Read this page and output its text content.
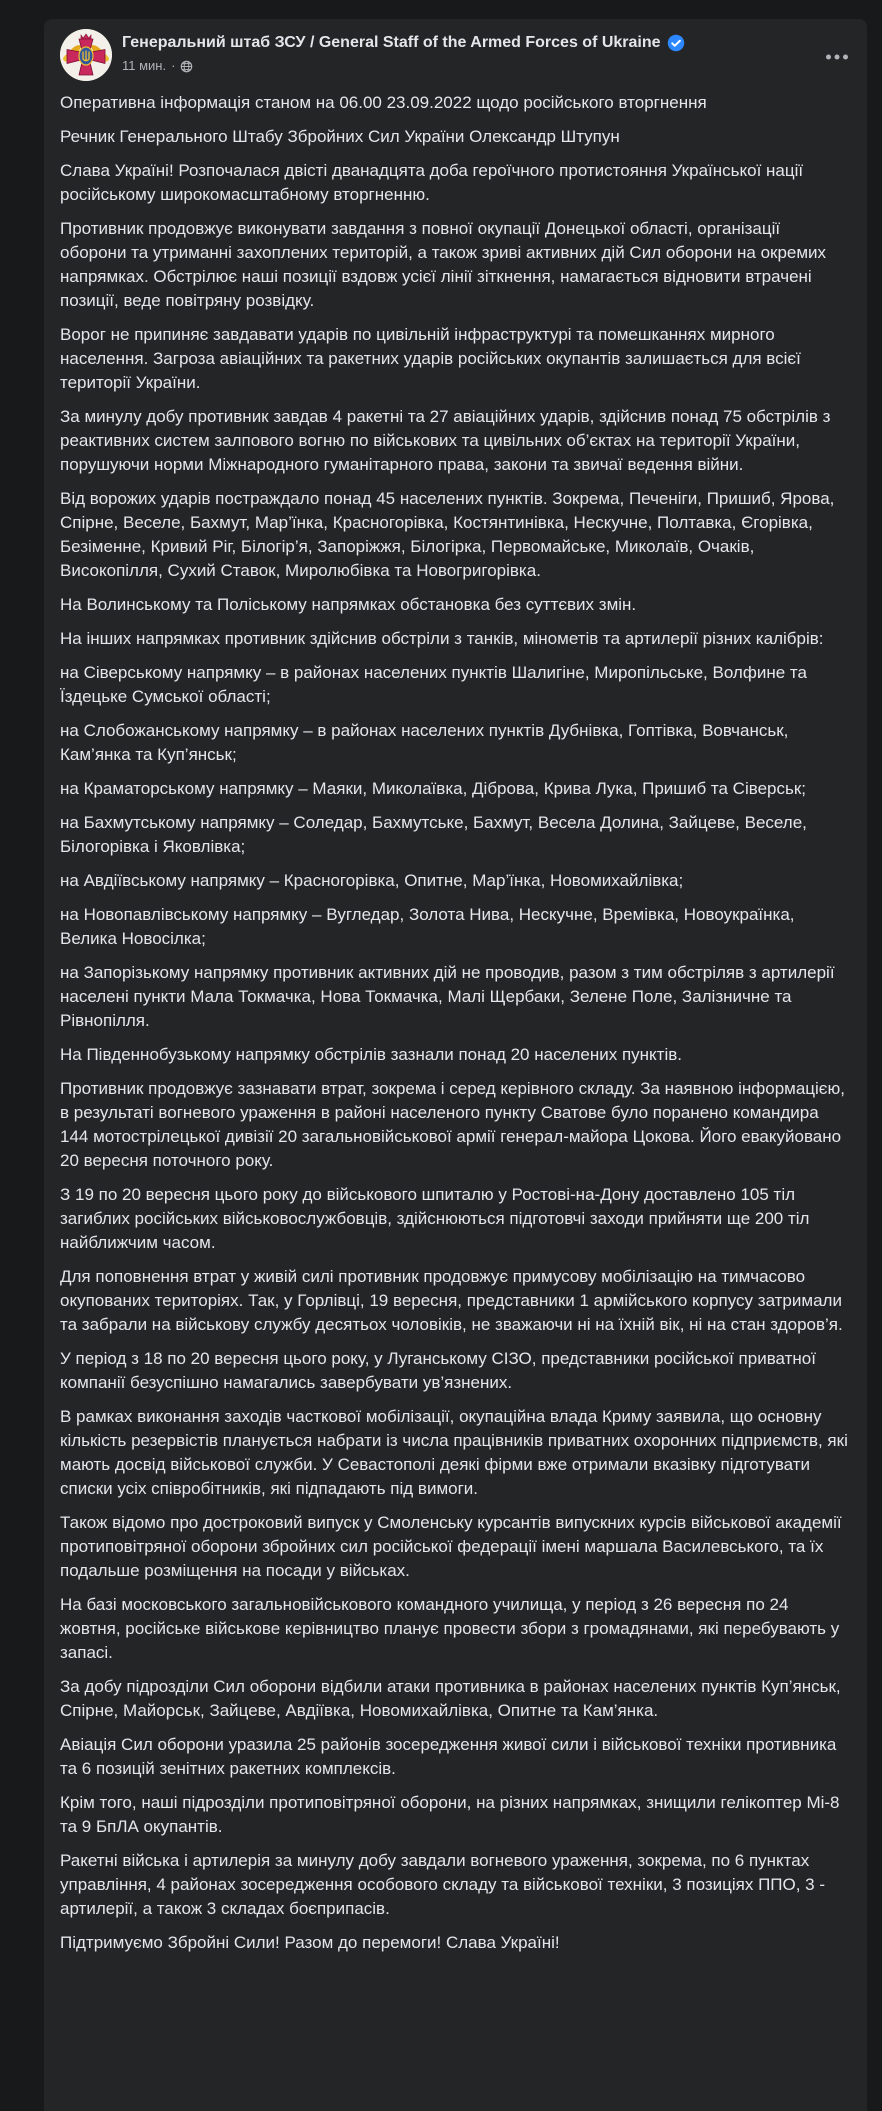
Генеральний штаб ЗСУ / General Staff of the Armed Forces of Ukraine
11 мин. ·

Оперативна інформація станом на 06.00 23.09.2022 щодо російського вторгнення

Речник Генерального Штабу Збройних Сил України Олександр Штупун

Слава Україні! Розпочалася двісті дванадцята доба героїчного протистояння Української нації російському широкомасштабному вторгненню.

Противник продовжує виконувати завдання з повної окупації Донецької області, організації оборони та утриманні захоплених територій, а також зриві активних дій Сил оборони на окремих напрямках. Обстрілює наші позиції вздовж усієї лінії зіткнення, намагається відновити втрачені позиції, веде повітряну розвідку.

Ворог не припиняє завдавати ударів по цивільній інфраструктурі та помешканнях мирного населення. Загроза авіаційних та ракетних ударів російських окупантів залишається для всієї території України.

За минулу добу противник завдав 4 ракетні та 27 авіаційних ударів, здійснив понад 75 обстрілів з реактивних систем залпового вогню по військових та цивільних об’єктах на території України, порушуючи норми Міжнародного гуманітарного права, закони та звичаї ведення війни.

Від ворожих ударів постраждало понад 45 населених пунктів. Зокрема, Печеніги, Пришиб, Ярова, Спірне, Веселе, Бахмут, Мар’їнка, Красногорівка, Костянтинівка, Нескучне, Полтавка, Єгорівка, Безіменне, Кривий Ріг, Білогір’я, Запоріжжя, Білогірка, Первомайське, Миколаїв, Очаків, Високопілля, Сухий Ставок, Миролюбівка та Новогригорівка.

На Волинському та Поліському напрямках обстановка без суттєвих змін.

На інших напрямках противник здійснив обстріли з танків, мінометів та артилерії різних калібрів:

на Сіверському напрямку – в районах населених пунктів Шалигіне, Миропільське, Волфине та Їздецьке Сумської області;

на Слобожанському напрямку – в районах населених пунктів Дубнівка, Гоптівка, Вовчанськ, Кам’янка та Куп’янськ;

на Краматорському напрямку – Маяки, Миколаївка, Діброва, Крива Лука, Пришиб та Сіверськ;

на Бахмутському напрямку – Соледар, Бахмутське, Бахмут, Весела Долина, Зайцеве, Веселе, Білогорівка і Яковлівка;

на Авдіївському напрямку – Красногорівка, Опитне, Мар’їнка, Новомихайлівка;

на Новопавлівському напрямку – Вугледар, Золота Нива, Нескучне, Времівка, Новоукраїнка, Велика Новосілка;

на Запорізькому напрямку противник активних дій не проводив, разом з тим обстріляв з артилерії населені пункти Мала Токмачка, Нова Токмачка, Малі Щербаки, Зелене Поле, Залізничне та Рівнопілля.

На Південнобузькому напрямку обстрілів зазнали понад 20 населених пунктів.

Противник продовжує зазнавати втрат, зокрема і серед керівного складу. За наявною інформацією, в результаті вогневого ураження в районі населеного пункту Сватове було поранено командира 144 мотострілецької дивізії 20 загальновійськової армії генерал-майора Цокова. Його евакуйовано 20 вересня поточного року.

З 19 по 20 вересня цього року до військового шпиталю у Ростові-на-Дону доставлено 105 тіл загиблих російських військовослужбовців, здійснюються підготовчі заходи прийняти ще 200 тіл найближчим часом.

Для поповнення втрат у живій силі противник продовжує примусову мобілізацію на тимчасово окупованих територіях. Так, у Горлівці, 19 вересня, представники 1 армійського корпусу затримали та забрали на військову службу десятьох чоловіків, не зважаючи ні на їхній вік, ні на стан здоров’я.

У період з 18 по 20 вересня цього року, у Луганському СІЗО, представники російської приватної компанії безуспішно намагались завербувати ув’язнених.

В рамках виконання заходів часткової мобілізації, окупаційна влада Криму заявила, що основну кількість резервістів планується набрати із числа працівників приватних охоронних підприємств, які мають досвід військової служби. У Севастополі деякі фірми вже отримали вказівку підготувати списки усіх співробітників, які підпадають під вимоги.

Також відомо про достроковий випуск у Смоленську курсантів випускних курсів військової академії протиповітряної оборони збройних сил російської федерації імені маршала Василевського, та їх подальше розміщення на посади у військах.

На базі московського загальновійськового командного училища, у період з 26 вересня по 24 жовтня, російське військове керівництво планує провести збори з громадянами, які перебувають у запасі.

За добу підрозділи Сил оборони відбили атаки противника в районах населених пунктів Куп’янськ, Спірне, Майорськ, Зайцеве, Авдіївка, Новомихайлівка, Опитне та Кам’янка.

Авіація Сил оборони уразила 25 районів зосередження живої сили і військової техніки противника та 6 позицій зенітних ракетних комплексів.

Крім того, наші підрозділи протиповітряної оборони, на різних напрямках, знищили гелікоптер Мі-8 та 9 БпЛА окупантів.

Ракетні війська і артилерія за минулу добу завдали вогневого ураження, зокрема, по 6 пунктах управління, 4 районах зосередження особового складу та військової техніки, 3 позиціях ППО, 3 - артилерії, а також 3 складах боєприпасів.

Підтримуємо Збройні Сили! Разом до перемоги! Слава Україні!
